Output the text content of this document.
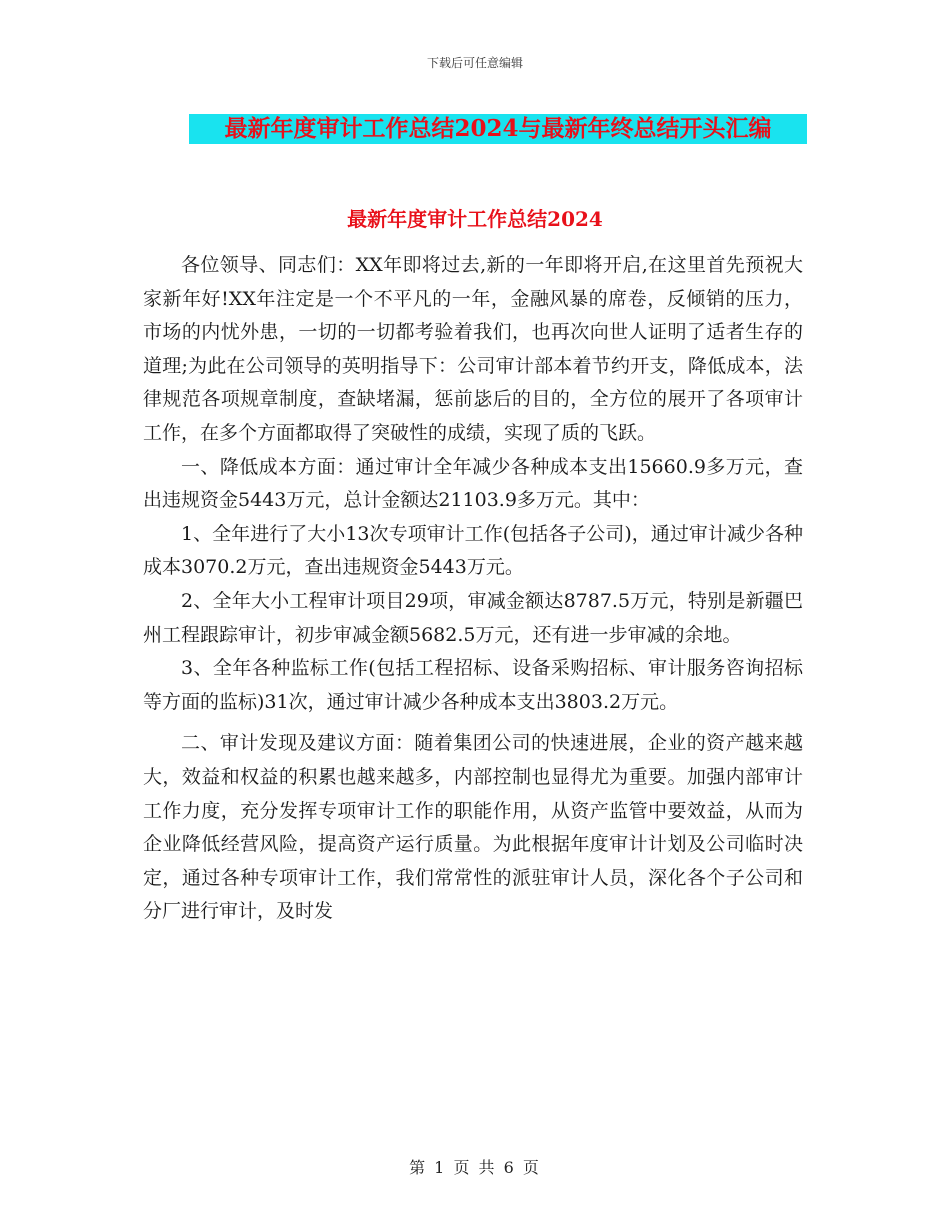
下载后可任意编辑
最新年度审计工作总结2024与最新年终总结开头汇编
最新年度审计工作总结2024

各位领导、同志们：XX年即将过去,新的一年即将开启,在这里首先预祝大家新年好!XX年注定是一个不平凡的一年，金融风暴的席卷，反倾销的压力，市场的内忧外患，一切的一切都考验着我们，也再次向世人证明了适者生存的道理;为此在公司领导的英明指导下：公司审计部本着节约开支，降低成本，法律规范各项规章制度，查缺堵漏，惩前毖后的目的，全方位的展开了各项审计工作，在多个方面都取得了突破性的成绩，实现了质的飞跃。

一、降低成本方面：通过审计全年减少各种成本支出15660.9多万元，查出违规资金5443万元，总计金额达21103.9多万元。其中：

1、全年进行了大小13次专项审计工作(包括各子公司)，通过审计减少各种成本3070.2万元，查出违规资金5443万元。

2、全年大小工程审计项目29项，审减金额达8787.5万元，特别是新疆巴州工程跟踪审计，初步审减金额5682.5万元，还有进一步审减的余地。

3、全年各种监标工作(包括工程招标、设备采购招标、审计服务咨询招标等方面的监标)31次，通过审计减少各种成本支出3803.2万元。

二、审计发现及建议方面：随着集团公司的快速进展，企业的资产越来越大，效益和权益的积累也越来越多，内部控制也显得尤为重要。加强内部审计工作力度，充分发挥专项审计工作的职能作用，从资产监管中要效益，从而为企业降低经营风险，提高资产运行质量。为此根据年度审计计划及公司临时决定，通过各种专项审计工作，我们常常性的派驻审计人员，深化各个子公司和分厂进行审计，及时发

第 1 页 共 6 页
